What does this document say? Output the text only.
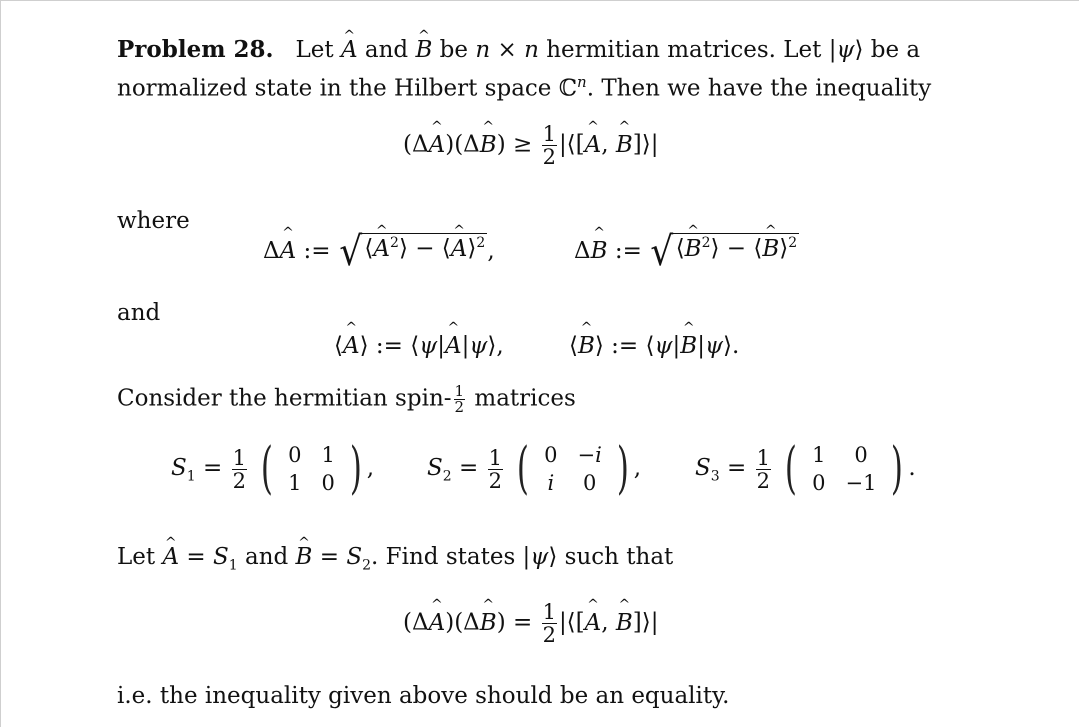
Problem 28.   Let ^ A and ^ B be n × n hermitian matrices. Let |ψ⟩ be a
normalized state in the Hilbert space ℂ$^n$. Then we have the inequality
(Δ^ A)(Δ^ $B) \ge \frac{1}{2}$ |⟨[^ A, ^ B]⟩|
where
Δ^ A := √⟨^ $A^2⟩$ − ⟨^ A⟩$^2$,	Δ^ B := √⟨^ $B^2⟩$ − ⟨^ B⟩$^2$
and
⟨^ A⟩ := ⟨ψ|^ A|ψ⟩,	⟨^ B⟩ := ⟨ψ|^ B|ψ⟩.
Consider the hermitian spin- $\frac{1}{2}$ matrices
$S_1 = \frac{1}{2}$ ( 0	1
1	0 ) , $S_2 = \frac{1}{2}$ ( 0	−i
i	0 ) , $S_3 = \frac{1}{2}$ ( 1	0
0	−1 ) .
Let ^ $A = S_1$ and ^ $B = S_2$. Find states |ψ⟩ such that
(Δ^ A)(Δ^ $B) = \frac{1}{2}$ |⟨[^ A, ^ B]⟩|
i.e. the inequality given above should be an equality.
